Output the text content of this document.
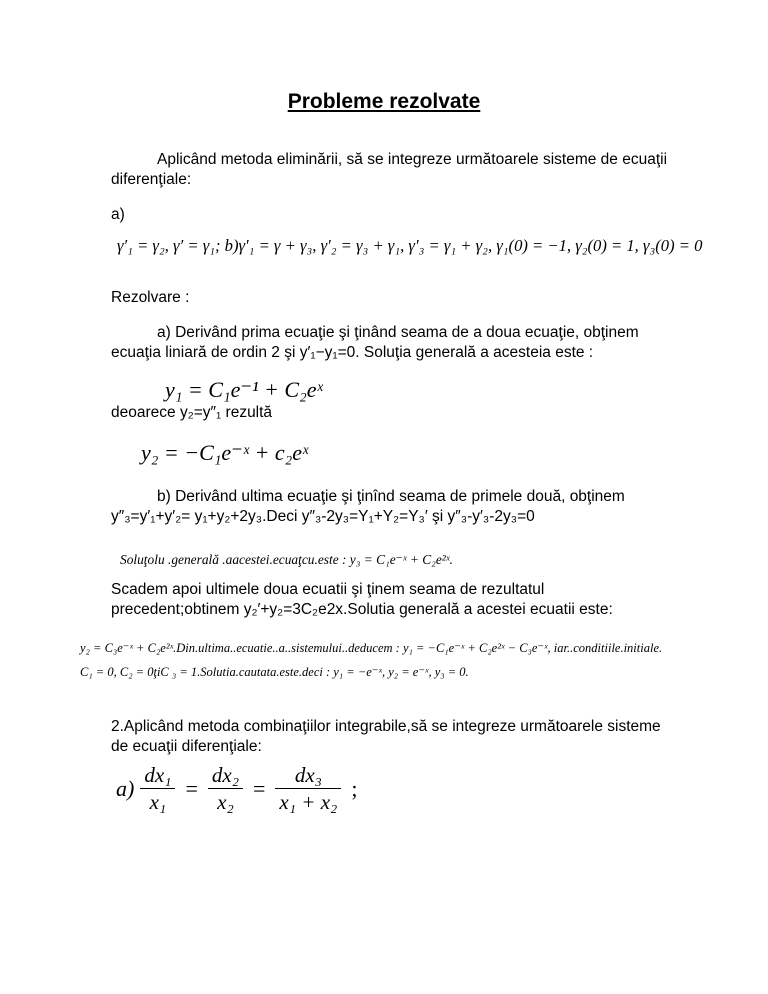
Probleme rezolvate
Aplicând metoda eliminării, să se integreze următoarele sisteme de ecuaţii
diferenţiale:
a)
γ′₁ = γ₂, γ′ = γ₁; b)γ′₁ = γ + γ₃, γ′₂ = γ₃ + γ₁, γ′₃ = γ₁ + γ₂, γ₁(0) = −1, γ₂(0) = 1, γ₃(0) = 0
Rezolvare :
a) Derivând prima ecuaţie şi ţinând seama de a doua ecuaţie, obţinem
ecuaţia liniară de ordin 2 şi y′₁−y₁=0. Soluţia generală a acesteia este :
y₁ = C₁e⁻¹ + C₂eˣ
deoarece y₂=y″₁ rezultă
y₂ = −C₁e⁻ˣ + c₂eˣ
b) Derivând ultima ecuaţie şi ţinînd seama de primele două, obţinem
y″₃=y′₁+y′₂= y₁+y₂+2y₃.Deci y″₃-2y₃=Y₁+Y₂=Y₃′ şi y″₃-y′₃-2y₃=0
Soluţolu .generală .aacestei.ecuaţcu.este : y₃ = C₁e⁻ˣ + C₂e²ˣ.
Scadem apoi ultimele doua ecuatii şi ţinem seama de rezultatul
precedent;obtinem y₂′+y₂=3C₂e2x.Solutia generală a acestei ecuatii este:
y₂ = C₃e⁻ˣ + C₂e²ˣ.Din.ultima..ecuatie..a..sistemului..deducem : y₁ = −C₁e⁻ˣ + C₂e²ˣ − C₃e⁻ˣ, iar..conditiile.initiale.
C₁ = 0, C₂ = 0ţiC ₃ = 1.Solutia.cautata.este.deci : y₁ = −e⁻ˣ, y₂ = e⁻ˣ, y₃ = 0.
2.Aplicând metoda combinaţiilor integrabile,să se integreze următoarele sisteme
de ecuaţii diferenţiale:
$a) \frac{\text{dx₁}}{\text{x₁}} = \frac{\text{dx₂}}{\text{x₂}} = \frac{\text{dx₃}}{\text{x₁ + x₂}}$ ;
